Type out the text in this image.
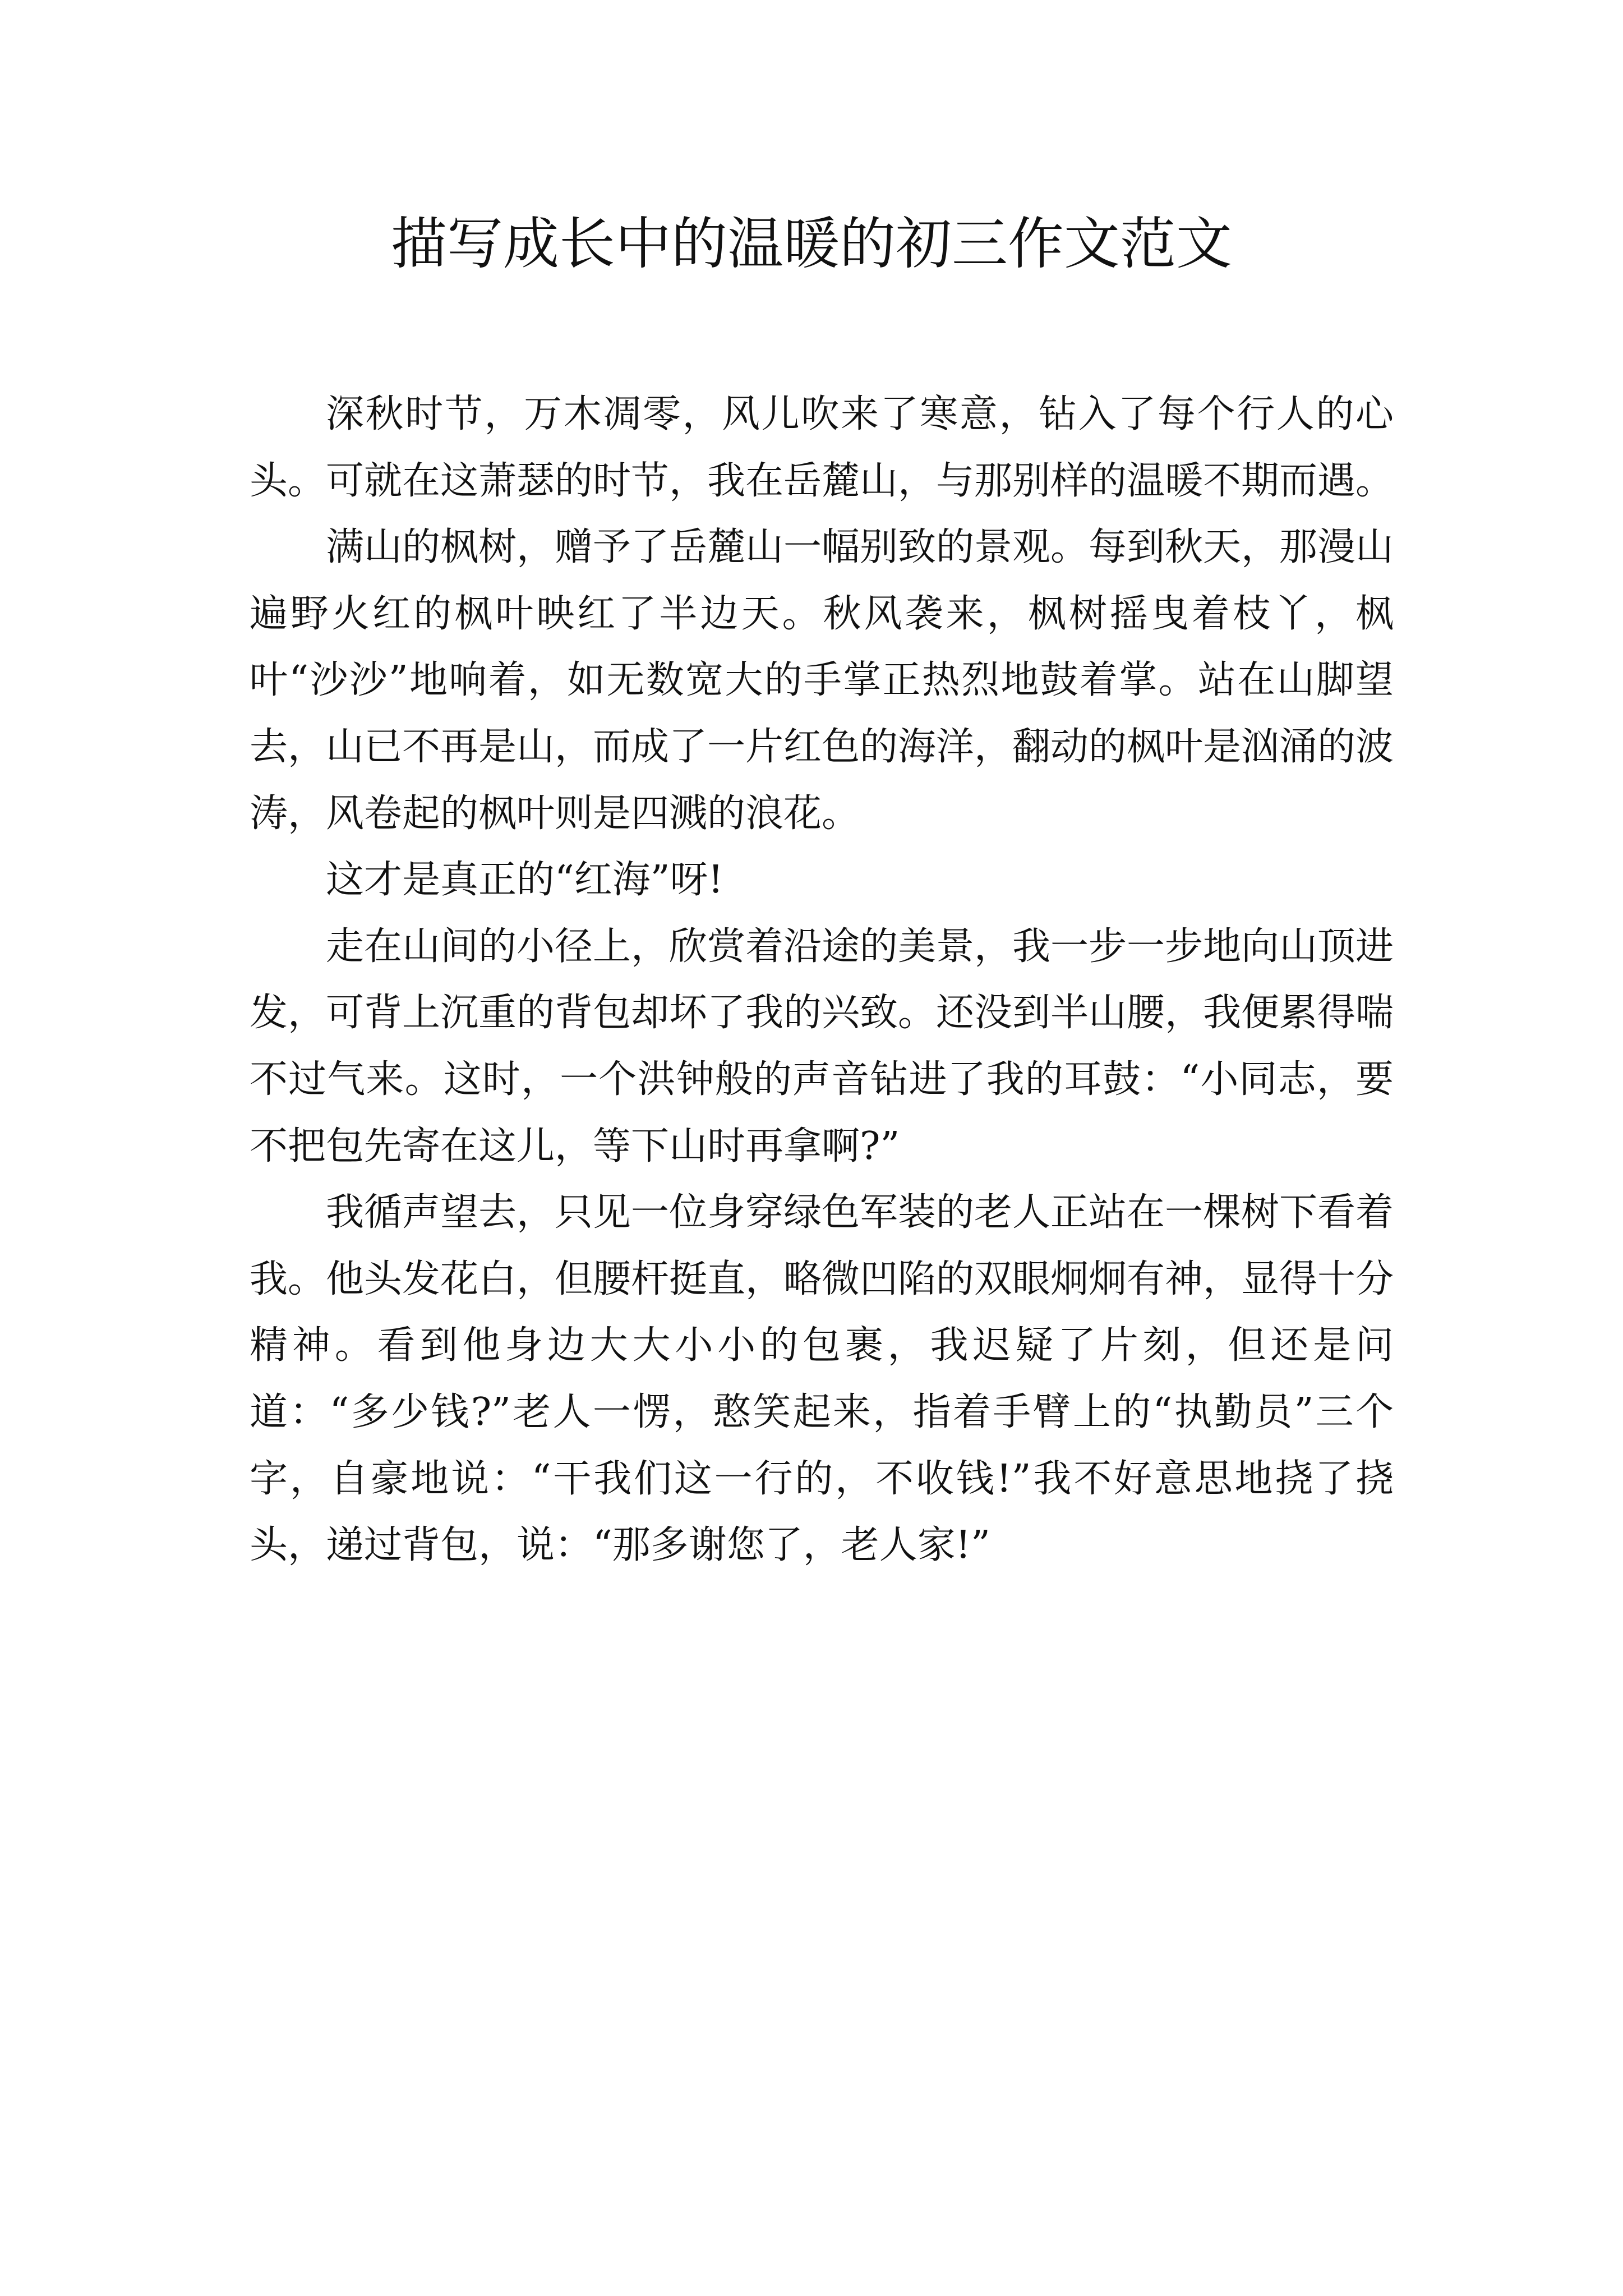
描写成长中的温暖的初三作文范文

深秋时节，万木凋零，风儿吹来了寒意，钻入了每个行人的心头。可就在这萧瑟的时节，我在岳麓山，与那别样的温暖不期而遇。

满山的枫树，赠予了岳麓山一幅别致的景观。每到秋天，那漫山遍野火红的枫叶映红了半边天。秋风袭来，枫树摇曳着枝丫，枫叶“沙沙”地响着，如无数宽大的手掌正热烈地鼓着掌。站在山脚望去，山已不再是山，而成了一片红色的海洋，翻动的枫叶是汹涌的波涛，风卷起的枫叶则是四溅的浪花。

这才是真正的“红海”呀!

走在山间的小径上，欣赏着沿途的美景，我一步一步地向山顶进发，可背上沉重的背包却坏了我的兴致。还没到半山腰，我便累得喘不过气来。这时，一个洪钟般的声音钻进了我的耳鼓：“小同志，要不把包先寄在这儿，等下山时再拿啊?”

我循声望去，只见一位身穿绿色军装的老人正站在一棵树下看着我。他头发花白，但腰杆挺直，略微凹陷的双眼炯炯有神，显得十分精神。看到他身边大大小小的包裹，我迟疑了片刻，但还是问道：“多少钱?”老人一愣，憨笑起来，指着手臂上的“执勤员”三个字，自豪地说：“干我们这一行的，不收钱!”我不好意思地挠了挠头，递过背包，说：“那多谢您了，老人家!”
